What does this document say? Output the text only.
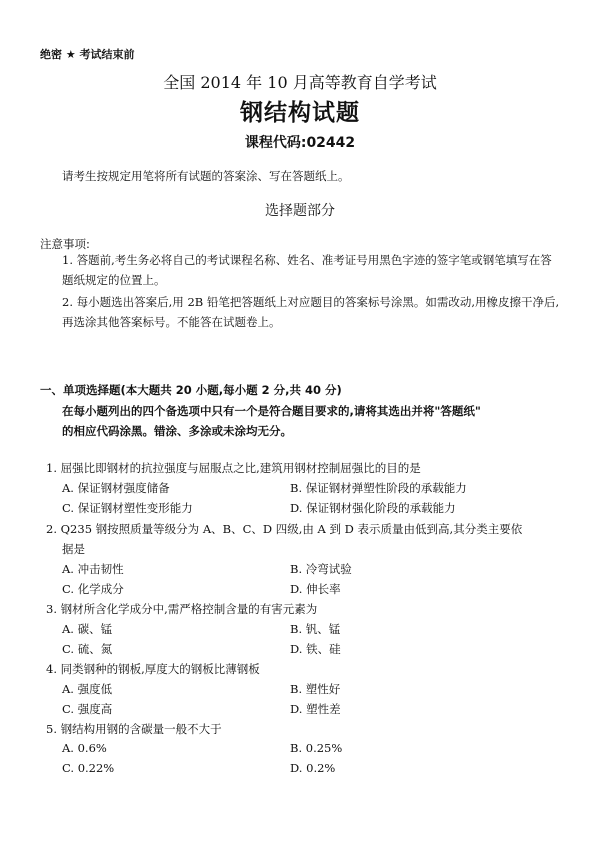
绝密 ★ 考试结束前
全国 2014 年 10 月高等教育自学考试
钢结构试题
课程代码:02442
请考生按规定用笔将所有试题的答案涂、写在答题纸上。
选择题部分
注意事项:
1. 答题前,考生务必将自己的考试课程名称、姓名、准考证号用黑色字迹的签字笔或钢笔填写在答题纸规定的位置上。
2. 每小题选出答案后,用 2B 铅笔把答题纸上对应题目的答案标号涂黑。如需改动,用橡皮擦干净后,再选涂其他答案标号。不能答在试题卷上。
一、单项选择题(本大题共 20 小题,每小题 2 分,共 40 分)
在每小题列出的四个备选项中只有一个是符合题目要求的,请将其选出并将"答题纸"
的相应代码涂黑。错涂、多涂或未涂均无分。
1. 屈强比即钢材的抗拉强度与屈服点之比,建筑用钢材控制屈强比的目的是
A. 保证钢材强度储备	B. 保证钢材弹塑性阶段的承载能力
C. 保证钢材塑性变形能力	D. 保证钢材强化阶段的承载能力
2. Q235 钢按照质量等级分为 A、B、C、D 四级,由 A 到 D 表示质量由低到高,其分类主要依
据是
A. 冲击韧性	B. 冷弯试验
C. 化学成分	D. 伸长率
3. 钢材所含化学成分中,需严格控制含量的有害元素为
A. 碳、锰	B. 钒、锰
C. 硫、氮	D. 铁、硅
4. 同类钢种的钢板,厚度大的钢板比薄钢板
A. 强度低	B. 塑性好
C. 强度高	D. 塑性差
5. 钢结构用钢的含碳量一般不大于
A. 0.6%	B. 0.25%
C. 0.22%	D. 0.2%
